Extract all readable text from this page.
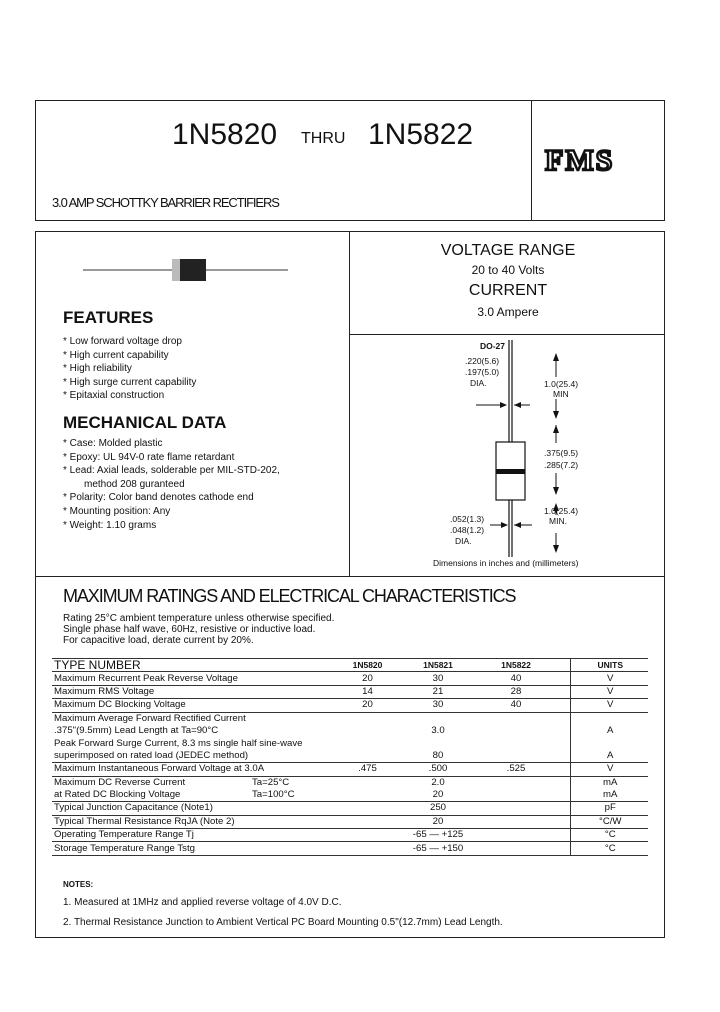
1N5820 THRU 1N5822
3.0 AMP SCHOTTKY BARRIER RECTIFIERS
FMS
VOLTAGE RANGE
20 to 40 Volts
CURRENT
3.0 Ampere
FEATURES
* Low forward voltage drop
* High current capability
* High reliability
* High surge current capability
* Epitaxial construction
MECHANICAL DATA
* Case: Molded plastic
* Epoxy: UL 94V-0 rate flame retardant
* Lead: Axial leads, solderable per MIL-STD-202,
method 208 guranteed
* Polarity: Color band denotes cathode end
* Mounting position: Any
* Weight: 1.10 grams
DO-27
.220(5.6)
.197(5.0)
DIA.	1.0(25.4)
MIN
.375(9.5)
.285(7.2)
1.0(25.4)
MIN.
.052(1.3)
.048(1.2)
DIA.
Dimensions in inches and (millimeters)
MAXIMUM RATINGS AND ELECTRICAL CHARACTERISTICS
Rating 25°C ambient temperature unless otherwise specified.
Single phase half wave, 60Hz, resistive or inductive load.
For capacitive load, derate current by 20%.
TYPE NUMBER	1N5820	1N5821	1N5822		UNITS
Maximum Recurrent Peak Reverse Voltage	20	30	40		V
Maximum RMS Voltage	14	21	28		V
Maximum DC Blocking Voltage	20	30	40		V
Maximum Average Forward Rectified Current					
.375"(9.5mm) Lead Length at Ta=90°C		3.0			A
Peak Forward Surge Current, 8.3 ms single half sine-wave					
superimposed on rated load (JEDEC method)		80			A
Maximum Instantaneous Forward Voltage at 3.0A	.475	.500	.525		V
Maximum DC Reverse Current Ta=25°C		2.0			mA
at Rated DC Blocking Voltage Ta=100°C		20			mA
Typical Junction Capacitance (Note1)		250			pF
Typical Thermal Resistance RqJA (Note 2)		20			°C/W
Operating Temperature Range Tj		-65 — +125			°C
Storage Temperature Range Tstg		-65 — +150			°C
NOTES:
1. Measured at 1MHz and applied reverse voltage of 4.0V D.C.
2. Thermal Resistance Junction to Ambient Vertical PC Board Mounting 0.5"(12.7mm) Lead Length.
